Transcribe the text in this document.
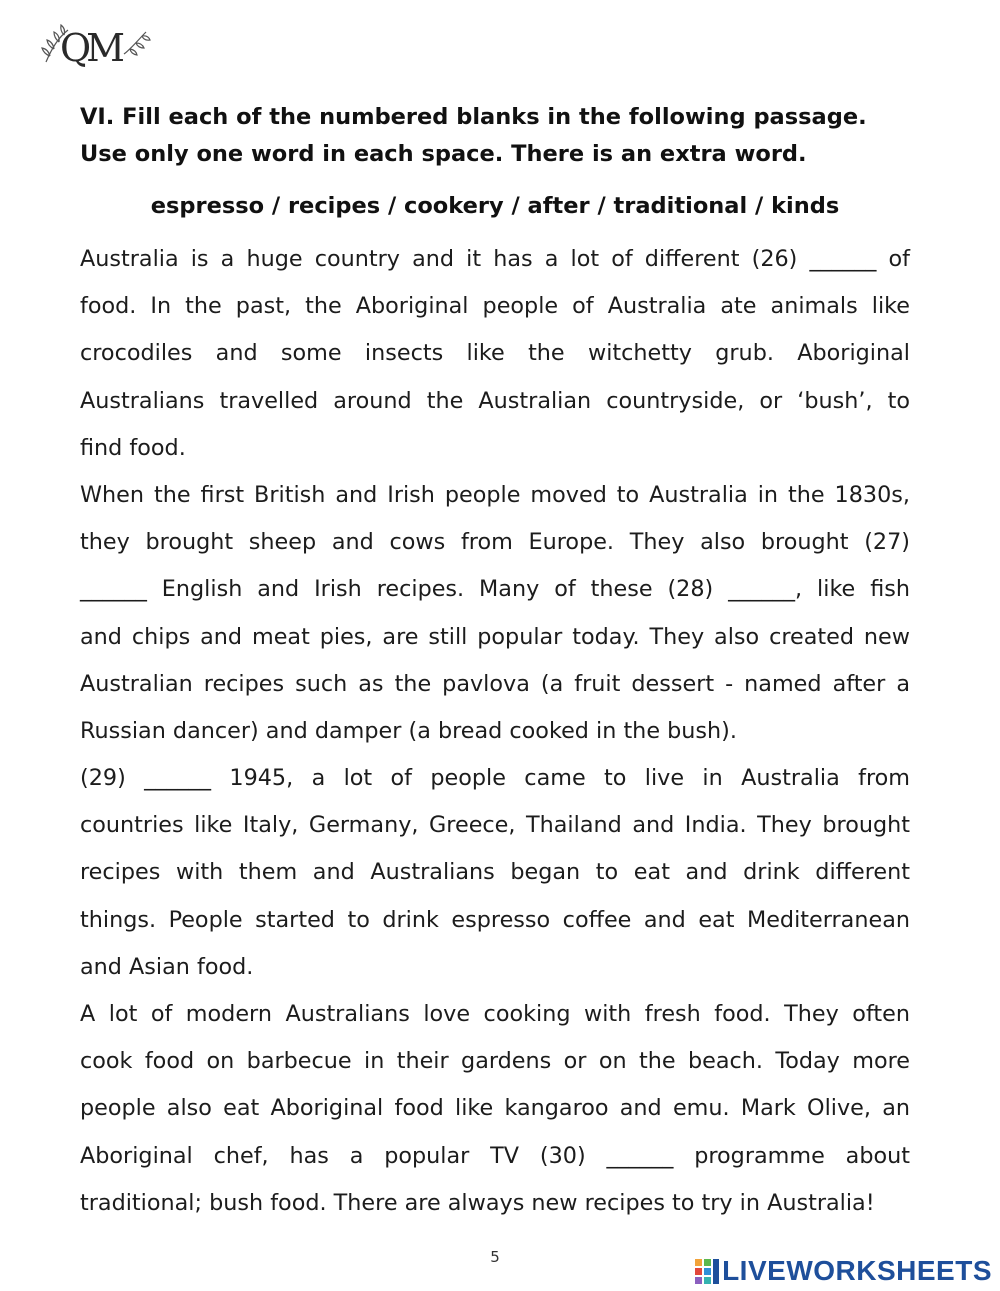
QM
VI. Fill each of the numbered blanks in the following passage.
Use only one word in each space. There is an extra word.
espresso / recipes / cookery / after / traditional / kinds
Australia is a huge country and it has a lot of different (26) ______ of
food. In the past, the Aboriginal people of Australia ate animals like
crocodiles and some insects like the witchetty grub. Aboriginal
Australians travelled around the Australian countryside, or ‘bush’, to
find food.
When the first British and Irish people moved to Australia in the 1830s,
they brought sheep and cows from Europe. They also brought (27)
______ English and Irish recipes. Many of these (28) ______, like fish
and chips and meat pies, are still popular today. They also created new
Australian recipes such as the pavlova (a fruit dessert - named after a
Russian dancer) and damper (a bread cooked in the bush).
(29) ______ 1945, a lot of people came to live in Australia from
countries like Italy, Germany, Greece, Thailand and India. They brought
recipes with them and Australians began to eat and drink different
things. People started to drink espresso coffee and eat Mediterranean
and Asian food.
A lot of modern Australians love cooking with fresh food. They often
cook food on barbecue in their gardens or on the beach. Today more
people also eat Aboriginal food like kangaroo and emu. Mark Olive, an
Aboriginal chef, has a popular TV (30) ______ programme about
traditional; bush food. There are always new recipes to try in Australia!
5	LIVEWORKSHEETS
